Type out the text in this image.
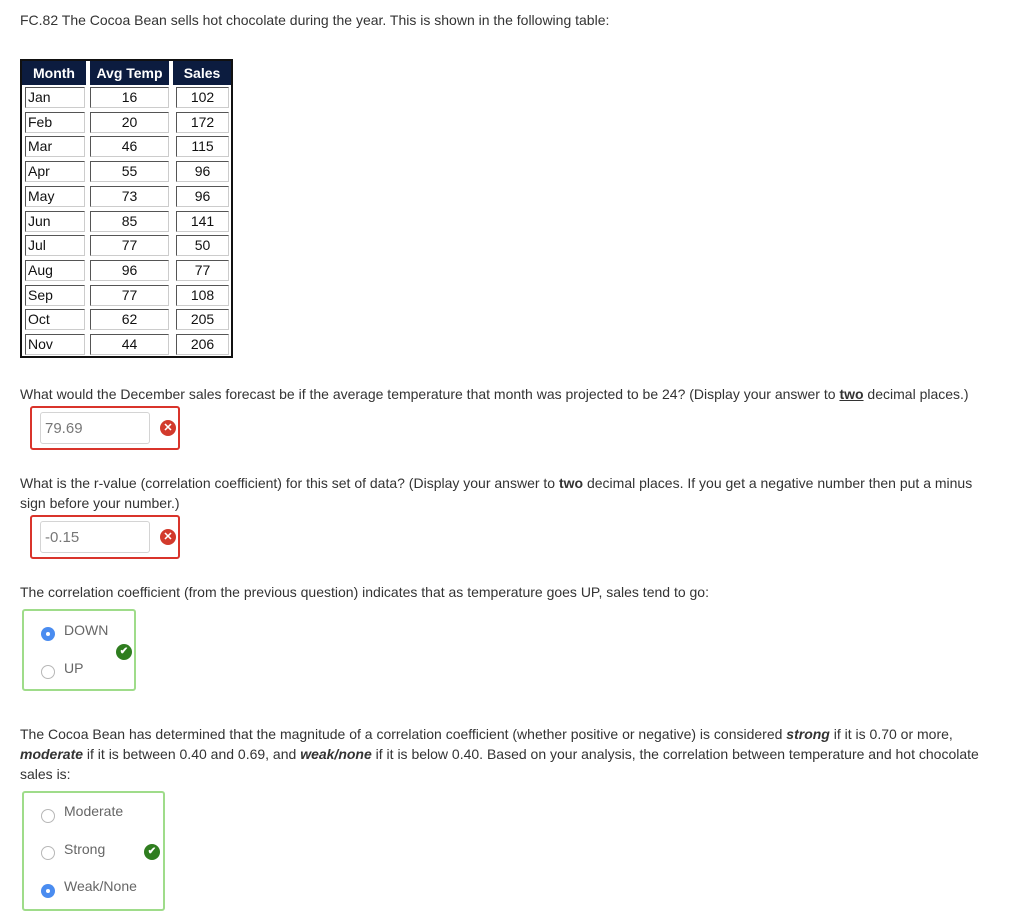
FC.82 The Cocoa Bean sells hot chocolate during the year. This is shown in the following table:
Month	Avg Temp	Sales
Jan	16	102
Feb	20	172
Mar	46	115
Apr	55	96
May	73	96
Jun	85	141
Jul	77	50
Aug	96	77
Sep	77	108
Oct	62	205
Nov	44	206
What would the December sales forecast be if the average temperature that month was projected to be 24? (Display your answer to two decimal places.)
79.69
✕
What is the r-value (correlation coefficient) for this set of data? (Display your answer to two decimal places. If you get a negative number then put a minus sign before your number.)
-0.15
✕
The correlation coefficient (from the previous question) indicates that as temperature goes UP, sales tend to go:
DOWN
✔
UP
The Cocoa Bean has determined that the magnitude of a correlation coefficient (whether positive or negative) is considered strong if it is 0.70 or more, moderate if it is between 0.40 and 0.69, and weak/none if it is below 0.40. Based on your analysis, the correlation between temperature and hot chocolate sales is:
Moderate
Strong	✔
Weak/None
